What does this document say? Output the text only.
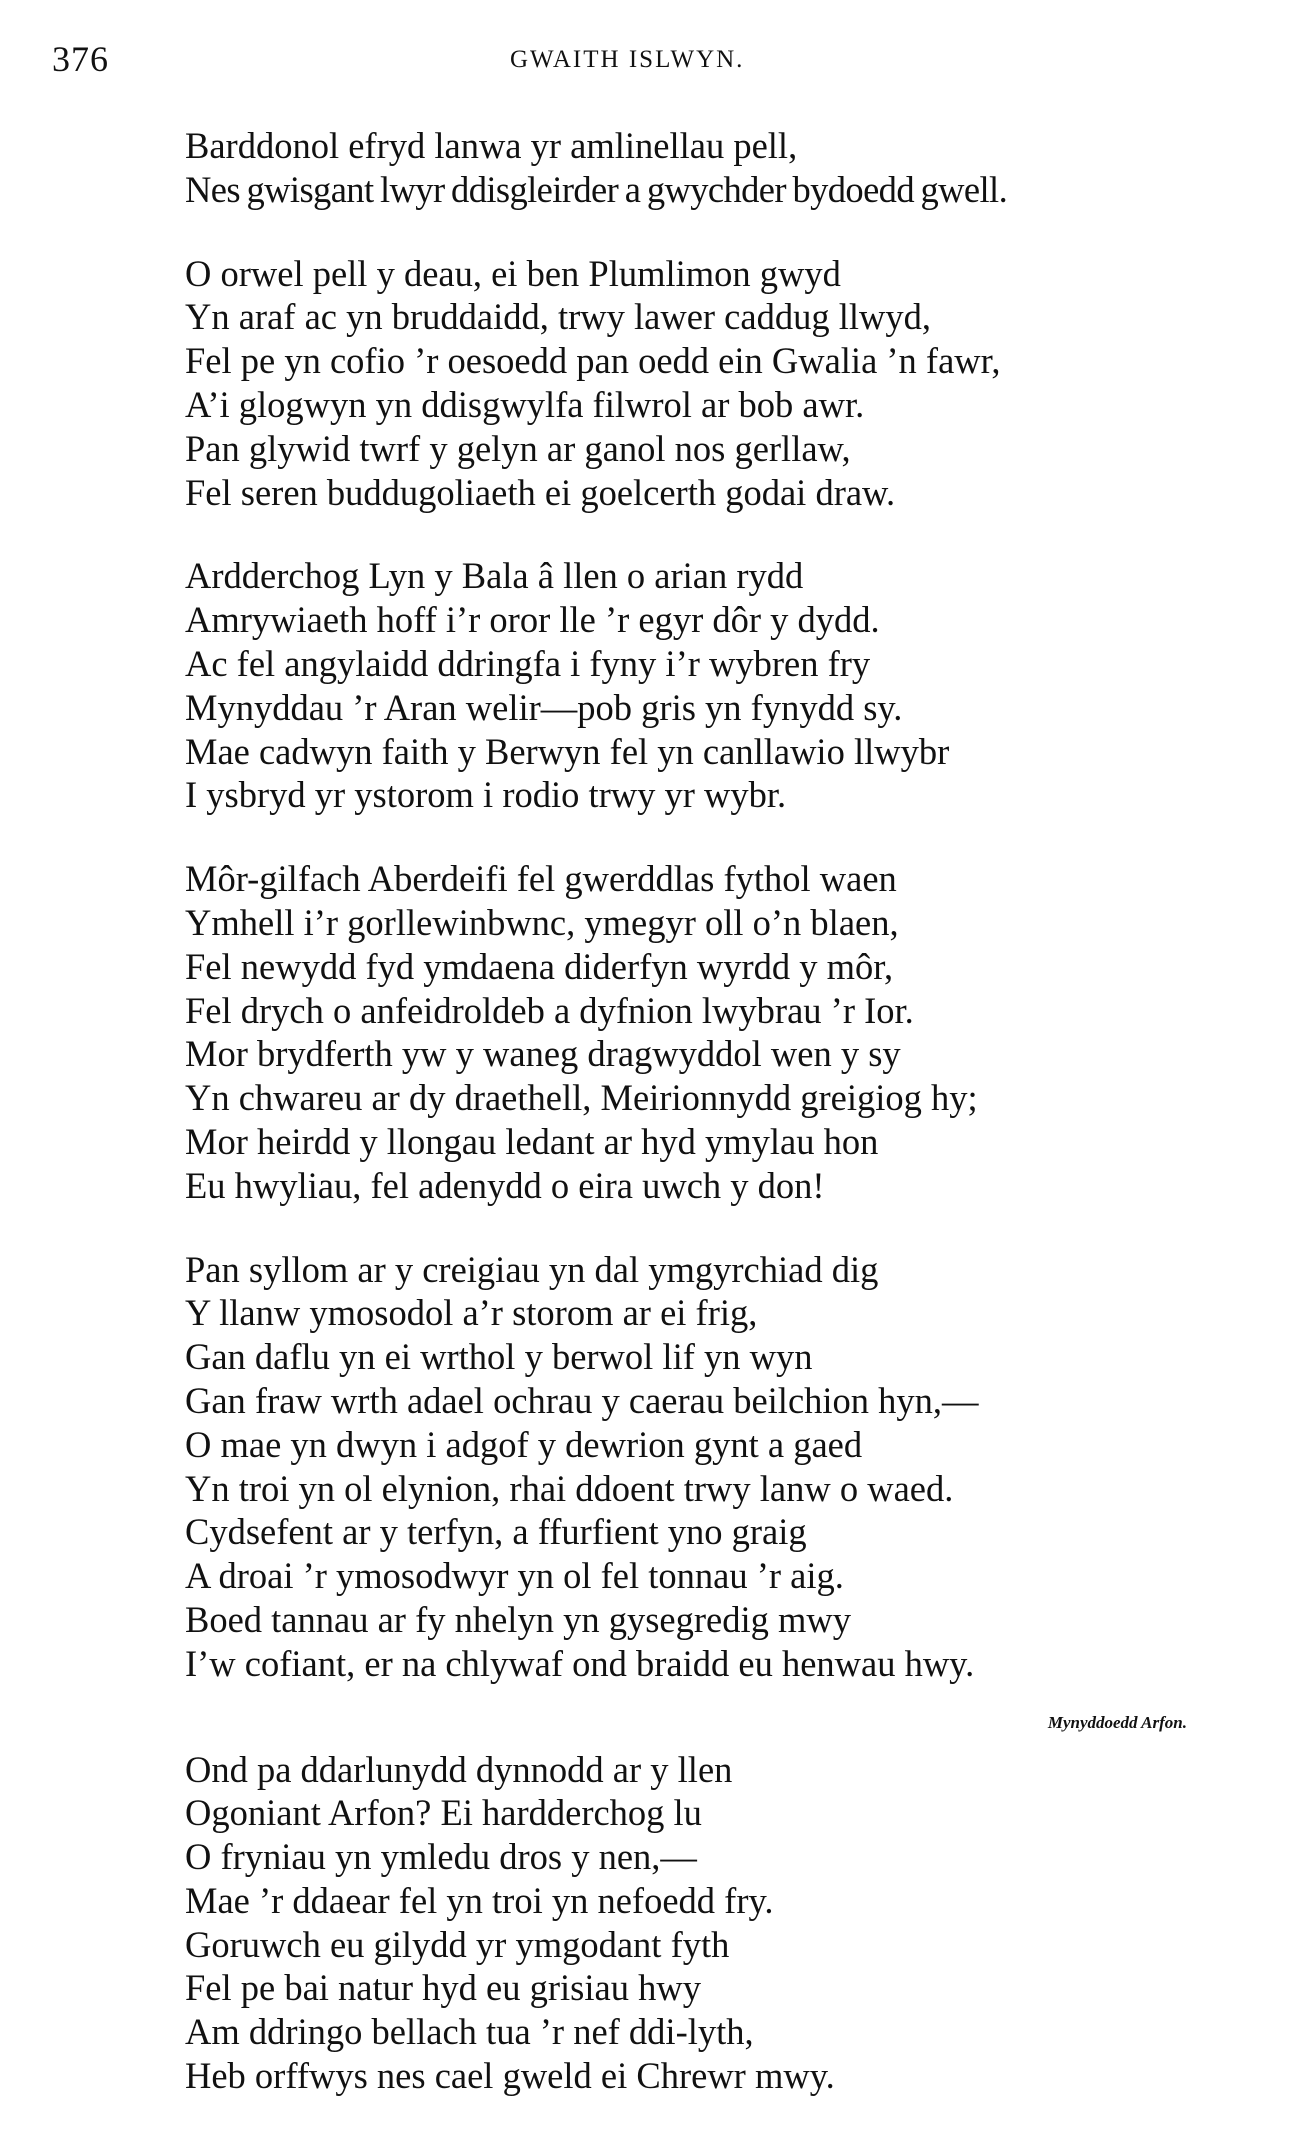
376	GWAITH ISLWYN.
Barddonol efryd lanwa yr amlinellau pell,
Nes gwisgant lwyr ddisgleirder a gwychder bydoedd gwell.
O orwel pell y deau, ei ben Plumlimon gwyd
Yn araf ac yn bruddaidd, trwy lawer caddug llwyd,
Fel pe yn cofio ’r oesoedd pan oedd ein Gwalia ’n fawr,
A’i glogwyn yn ddisgwylfa filwrol ar bob awr.
Pan glywid twrf y gelyn ar ganol nos gerllaw,
Fel seren buddugoliaeth ei goelcerth godai draw.
Ardderchog Lyn y Bala â llen o arian rydd
Amrywiaeth hoff i’r oror lle ’r egyr dôr y dydd.
Ac fel angylaidd ddringfa i fyny i’r wybren fry
Mynyddau ’r Aran welir—pob gris yn fynydd sy.
Mae cadwyn faith y Berwyn fel yn canllawio llwybr
I ysbryd yr ystorom i rodio trwy yr wybr.
Môr-gilfach Aberdeifi fel gwerddlas fythol waen
Ymhell i’r gorllewinbwnc, ymegyr oll o’n blaen,
Fel newydd fyd ymdaena diderfyn wyrdd y môr,
Fel drych o anfeidroldeb a dyfnion lwybrau ’r Ior.
Mor brydferth yw y waneg dragwyddol wen y sy
Yn chwareu ar dy draethell, Meirionnydd greigiog hy;
Mor heirdd y llongau ledant ar hyd ymylau hon
Eu hwyliau, fel adenydd o eira uwch y don!
Pan syllom ar y creigiau yn dal ymgyrchiad dig
Y llanw ymosodol a’r storom ar ei frig,
Gan daflu yn ei wrthol y berwol lif yn wyn
Gan fraw wrth adael ochrau y caerau beilchion hyn,—
O mae yn dwyn i adgof y dewrion gynt a gaed
Yn troi yn ol elynion, rhai ddoent trwy lanw o waed.
Cydsefent ar y terfyn, a ffurfient yno graig
A droai ’r ymosodwyr yn ol fel tonnau ’r aig.
Boed tannau ar fy nhelyn yn gysegredig mwy
I’w cofiant, er na chlywaf ond braidd eu henwau hwy.
Mynyddoedd Arfon.
Ond pa ddarlunydd dynnodd ar y llen
Ogoniant Arfon? Ei hardderchog lu
O fryniau yn ymledu dros y nen,—
Mae ’r ddaear fel yn troi yn nefoedd fry.
Goruwch eu gilydd yr ymgodant fyth
Fel pe bai natur hyd eu grisiau hwy
Am ddringo bellach tua ’r nef ddi-lyth,
Heb orffwys nes cael gweld ei Chrewr mwy.
